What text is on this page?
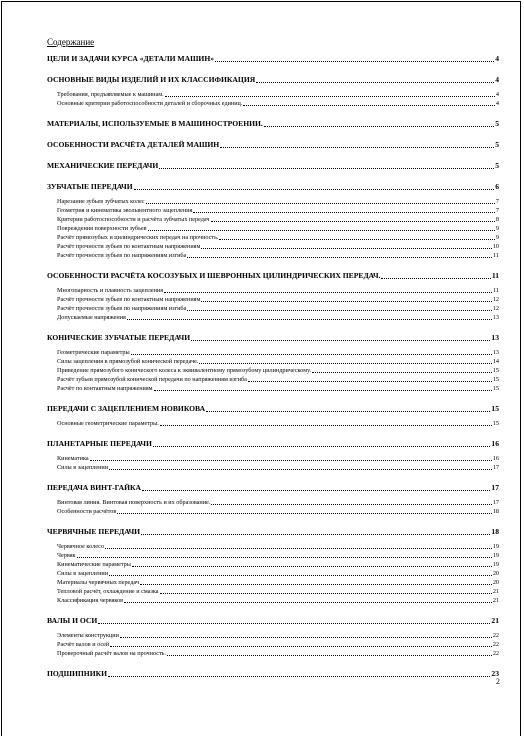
Содержание
ЦЕЛИ И ЗАДАЧИ КУРСА «ДЕТАЛИ МАШИН»	4
ОСНОВНЫЕ ВИДЫ ИЗДЕЛИЙ И ИХ КЛАССИФИКАЦИЯ	4
Требования, предъявляемые к машинам.	4
Основные критерии работоспособности деталей и сборочных единиц.	4
МАТЕРИАЛЫ, ИСПОЛЬЗУЕМЫЕ В МАШИНОСТРОЕНИИ.	5
ОСОБЕННОСТИ РАСЧЁТА ДЕТАЛЕЙ МАШИН	5
МЕХАНИЧЕСКИЕ ПЕРЕДАЧИ	5
ЗУБЧАТЫЕ ПЕРЕДАЧИ	6
Нарезание зубьев зубчатых колес	7
Геометрия и кинематика эвольвентного зацепления	7
Критерии работоспособности и расчёта зубчатых передач	8
Повреждения поверхности зубьев	9
Расчёт прямозубых и цилиндрических передач на прочность.	9
Расчёт прочности зубьев по контактным напряжениям	10
Расчёт прочности зубьев по напряжениям изгиба	11
ОСОБЕННОСТИ РАСЧЁТА КОСОЗУБЫХ И ШЕВРОННЫХ ЦИЛИНДРИЧЕСКИХ ПЕРЕДАЧ.	11
Многопарность и плавность зацепления	11
Расчёт прочности зубьев по контактным напряжениям	12
Расчёт прочности зубьев по напряжениям изгиба	12
Допускаемые напряжения	13
КОНИЧЕСКИЕ ЗУБЧАТЫЕ ПЕРЕДАЧИ	13
Геометрические параметры	13
Силы зацепления в прямозубой конической передаче.	14
Приведение прямозубого конического колеса к эквивалентному прямозубому цилиндрическому.	15
Расчёт зубьев прямозубой конической передачи по напряжениям изгиба	15
Расчёт по контактным напряжениям	15
ПЕРЕДАЧИ С ЗАЦЕПЛЕНИЕМ НОВИКОВА	15
Основные геометрические параметры.	15
ПЛАНЕТАРНЫЕ ПЕРЕДАЧИ	16
Кинематика	16
Силы в зацеплении	17
ПЕРЕДАЧА ВИНТ-ГАЙКА	17
Винтовая линия. Винтовая поверхность и их образование.	17
Особенности расчётов	18
ЧЕРВЯЧНЫЕ ПЕРЕДАЧИ	18
Червячное колесо	19
Червяк	19
Кинематические параметры	19
Силы в зацеплении	20
Материалы червячных передач	20
Тепловой расчёт, охлаждение и смазка	21
Классификация червяков	21
ВАЛЫ И ОСИ	21
Элементы конструкции	22
Расчёт валов и осей	22
Проверочный расчёт валов на прочность.	22
ПОДШИПНИКИ	23
2
